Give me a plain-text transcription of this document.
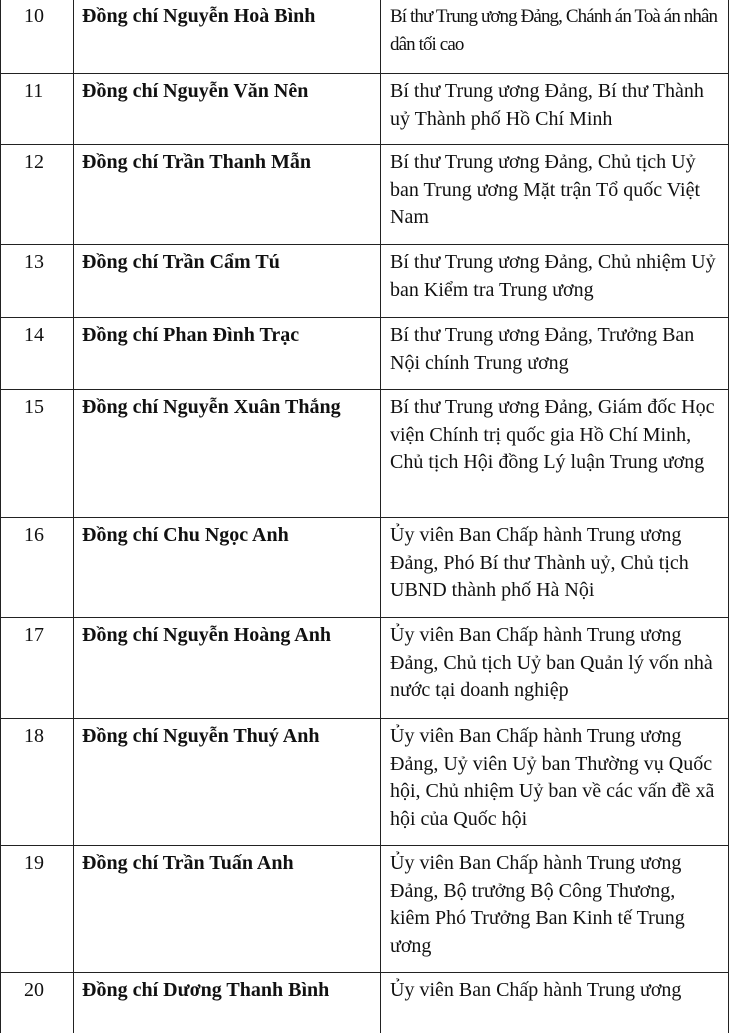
10	Đồng chí Nguyễn Hoà Bình	Bí thư Trung ương Đảng, Chánh án Toà án nhân dân tối cao
11	Đồng chí Nguyễn Văn Nên	Bí thư Trung ương Đảng, Bí thư Thành uỷ Thành phố Hồ Chí Minh
12	Đồng chí Trần Thanh Mẫn	Bí thư Trung ương Đảng, Chủ tịch Uỷ ban Trung ương Mặt trận Tổ quốc Việt Nam
13	Đồng chí Trần Cẩm Tú	Bí thư Trung ương Đảng, Chủ nhiệm Uỷ ban Kiểm tra Trung ương
14	Đồng chí Phan Đình Trạc	Bí thư Trung ương Đảng, Trưởng Ban Nội chính Trung ương
15	Đồng chí Nguyễn Xuân Thắng	Bí thư Trung ương Đảng, Giám đốc Học viện Chính trị quốc gia Hồ Chí Minh, Chủ tịch Hội đồng Lý luận Trung ương
16	Đồng chí Chu Ngọc Anh	Ủy viên Ban Chấp hành Trung ương Đảng, Phó Bí thư Thành uỷ, Chủ tịch UBND thành phố Hà Nội
17	Đồng chí Nguyễn Hoàng Anh	Ủy viên Ban Chấp hành Trung ương Đảng, Chủ tịch Uỷ ban Quản lý vốn nhà nước tại doanh nghiệp
18	Đồng chí Nguyễn Thuý Anh	Ủy viên Ban Chấp hành Trung ương Đảng, Uỷ viên Uỷ ban Thường vụ Quốc hội, Chủ nhiệm Uỷ ban về các vấn đề xã hội của Quốc hội
19	Đồng chí Trần Tuấn Anh	Ủy viên Ban Chấp hành Trung ương Đảng, Bộ trưởng Bộ Công Thương, kiêm Phó Trưởng Ban Kinh tế Trung ương
20	Đồng chí Dương Thanh Bình	Ủy viên Ban Chấp hành Trung ương
